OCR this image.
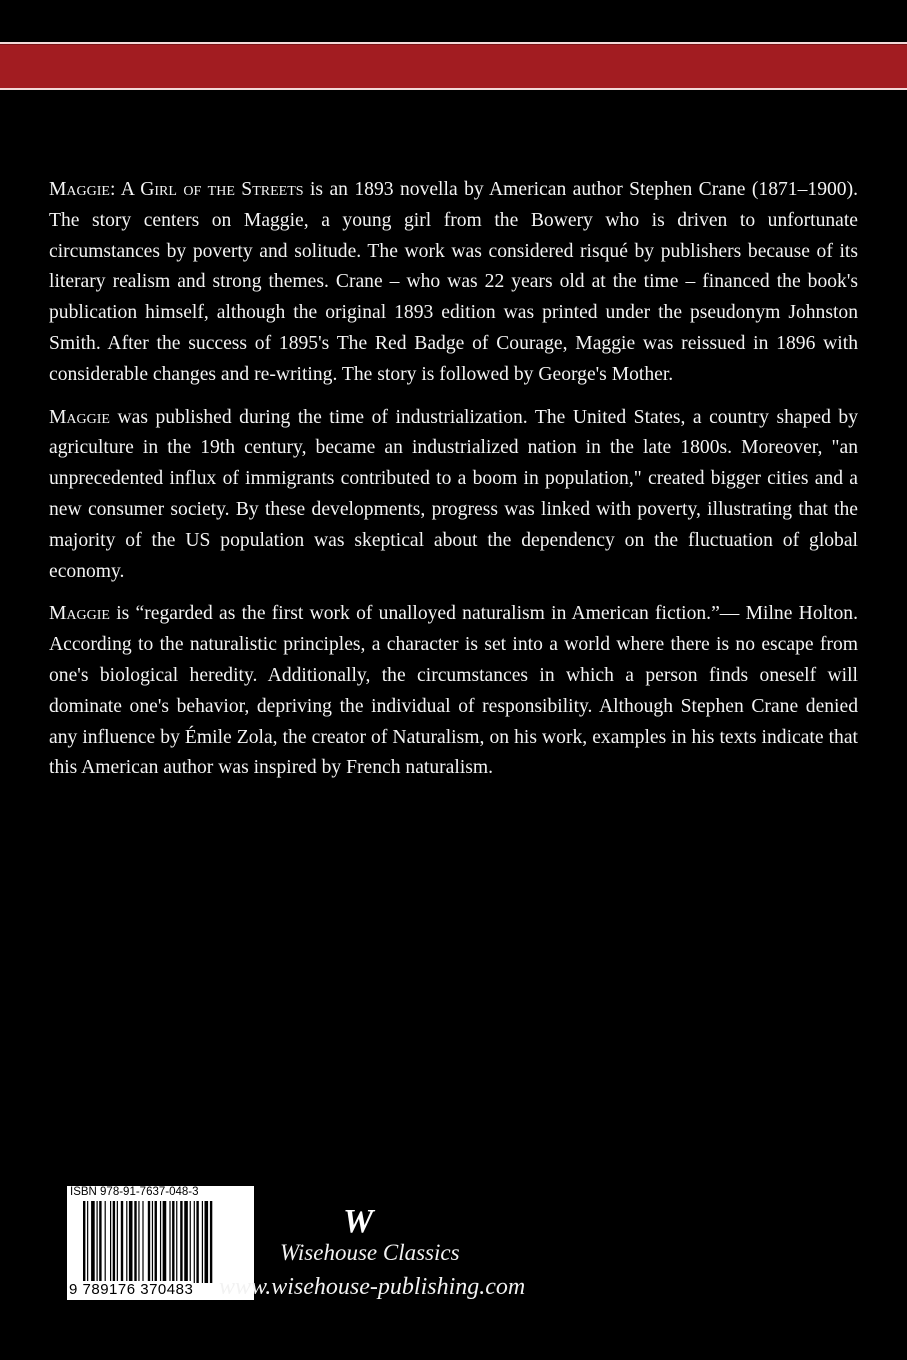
Maggie: A Girl of the Streets is an 1893 novella by American author Stephen Crane (1871–1900). The story centers on Maggie, a young girl from the Bowery who is driven to unfortunate circumstances by poverty and solitude. The work was considered risqué by publishers because of its literary realism and strong themes. Crane – who was 22 years old at the time – financed the book's publication himself, although the original 1893 edition was printed under the pseudonym Johnston Smith. After the success of 1895's The Red Badge of Courage, Maggie was reissued in 1896 with considerable changes and re-writing. The story is followed by George's Mother.

Maggie was published during the time of industrialization. The United States, a country shaped by agriculture in the 19th century, became an industrialized nation in the late 1800s. Moreover, "an unprecedented influx of immigrants contributed to a boom in population," created bigger cities and a new consumer society. By these developments, progress was linked with poverty, illustrating that the majority of the US population was skeptical about the dependency on the fluctuation of global economy.

Maggie is “regarded as the first work of unalloyed naturalism in American fiction.”— Milne Holton. According to the naturalistic principles, a character is set into a world where there is no escape from one's biological heredity. Additionally, the circumstances in which a person finds oneself will dominate one's behavior, depriving the individual of responsibility. Although Stephen Crane denied any influence by Émile Zola, the creator of Naturalism, on his work, examples in his texts indicate that this American author was inspired by French naturalism.

ISBN 978-91-7637-048-3
9 789176 370483
W
Wisehouse Classics
www.wisehouse-publishing.com
